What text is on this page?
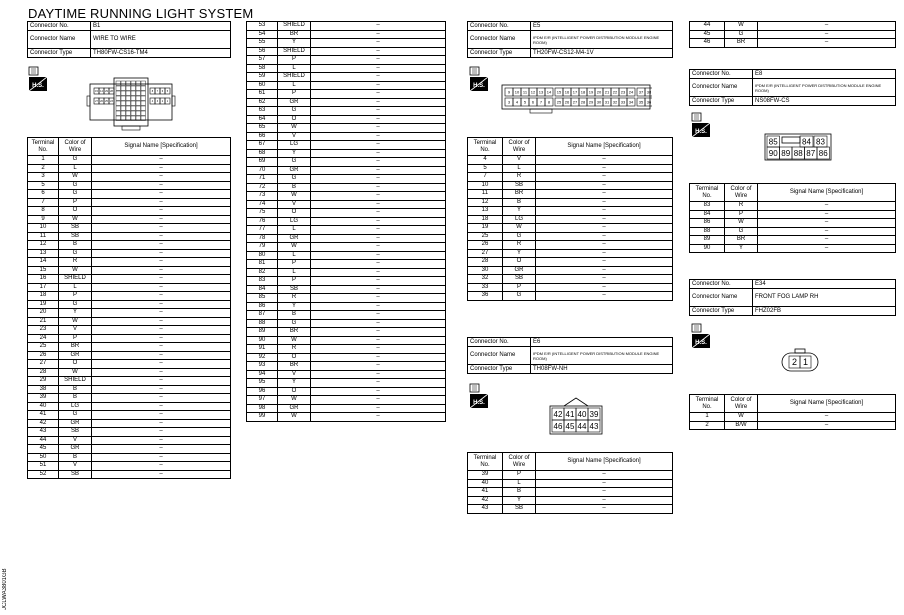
DAYTIME RUNNING LIGHT SYSTEM
JCLWA3801GB
Connector No.	B1
Connector Name	WIRE TO WIRE
Connector Type	TH80FW-CS16-TM4
H.S.
15 14 29 28
27 26 25 23
8 7 6 5
4 3 2 1
Terminal No.	Color of Wire	Signal Name [Specification]
1	G	–
2	L	–
3	W	–
5	G	–
6	G	–
7	P	–
8	O	–
9	W	–
10	SB	–
11	SB	–
12	B	–
13	G	–
14	R	–
15	W	–
16	SHIELD	–
17	L	–
18	P	–
19	G	–
20	Y	–
21	W	–
23	V	–
24	P	–
25	BR	–
26	GR	–
27	O	–
28	W	–
29	SHIELD	–
38	B	–
39	B	–
40	LG	–
41	G	–
42	GR	–
43	SB	–
44	V	–
45	GR	–
50	B	–
51	V	–
52	SB	–
53	SHIELD	–
54	BR	–
55	Y	–
56	SHIELD	–
57	P	–
58	L	–
59	SHIELD	–
60	L	–
61	P	–
62	GR	–
63	G	–
64	O	–
65	W	–
66	V	–
67	LG	–
68	Y	–
69	G	–
70	GR	–
71	G	–
72	B	–
73	W	–
74	V	–
75	O	–
76	LG	–
77	L	–
78	GR	–
79	W	–
80	L	–
81	P	–
82	L	–
83	P	–
84	SB	–
85	R	–
86	Y	–
87	B	–
88	G	–
89	BR	–
90	W	–
91	R	–
92	O	–
93	BR	–
94	V	–
95	Y	–
96	O	–
97	W	–
98	GR	–
99	W	–
Connector No.	E5
Connector Name	IPDM E/R (INTELLIGENT POWER DISTRIBUTION MODULE ENGINE ROOM)

Connector Type	TH20FW-CS12-M4-1V
H.S.
9 10 11 12 13 14 15 16 17 18 19 20 21 22 23 24 37 38
3 4 5 6 7 8 25 26 27 28 29 30 31 32 33 34 35 36
Terminal No.	Color of Wire	Signal Name [Specification]
4	V	–
5	L	–
7	R	–
10	SB	–
11	BR	–
12	B	–
13	Y	–
18	LG	–
19	W	–
25	G	–
26	R	–
27	Y	–
28	O	–
30	GR	–
32	SB	–
33	P	–
36	G	–
Connector No.	E6
Connector Name	IPDM E/R (INTELLIGENT POWER DISTRIBUTION MODULE ENGINE ROOM)

Connector Type	TH08FW-NH
H.S.
42 41 40 39
46 45 44 43
Terminal No.	Color of Wire	Signal Name [Specification]
39	P	–
40	L	–
41	B	–
42	Y	–
43	SB	–
44	W	–
45	G	–
46	BR	–
Connector No.	E8
Connector Name	IPDM E/R (INTELLIGENT POWER DISTRIBUTION MODULE ENGINE ROOM)

Connector Type	NS08FW-CS
H.S.
85	84 83
90 89 88 87 86
Terminal No.	Color of Wire	Signal Name [Specification]
83	R	–
84	P	–
86	W	–
88	G	–
89	BR	–
90	Y	–
Connector No.	E34
Connector Name	FRONT FOG LAMP RH
Connector Type	FHZ02FB
H.S.
2 1
Terminal No.	Color of Wire	Signal Name [Specification]
1	W	–
2	B/W	–
